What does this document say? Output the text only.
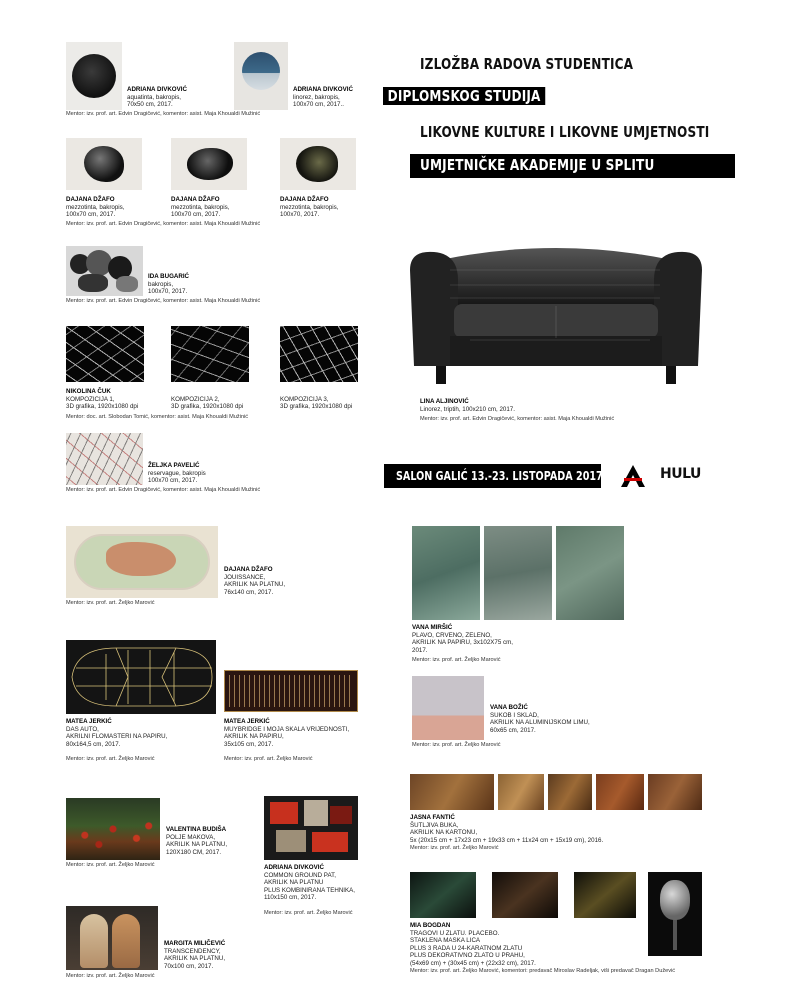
IZLOŽBA RADOVA STUDENTICA
DIPLOMSKOG STUDIJA
LIKOVNE KULTURE I LIKOVNE UMJETNOSTI
UMJETNIČKE AKADEMIJE U SPLITU
ADRIANA DIVKOVIĆ
aquatinta, bakropis,
70x50 cm, 2017.
ADRIANA DIVKOVIĆ
linorez, bakropis,
100x70 cm, 2017..
Mentor: izv. prof. art. Edvin Dragičević, komentor: asist. Maja Khoualdi Mužinić
DAJANA DŽAFO
mezzotinta, bakropis,
100x70 cm, 2017.
DAJANA DŽAFO
mezzotinta, bakropis,
100x70 cm, 2017.
DAJANA DŽAFO
mezzotinta, bakropis,
100x70, 2017.
Mentor: izv. prof. art. Edvin Dragičević, komentor: asist. Maja Khoualdi Mužinić
IDA BUGARIĆ
bakropis,
100x70, 2017.
Mentor: izv. prof. art. Edvin Dragičević, komentor: asist. Maja Khoualdi Mužinić
NIKOLINA ČUK
KOMPOZICIJA 1,
3D grafika, 1920x1080 dpi
KOMPOZICIJA 2,
3D grafika, 1920x1080 dpi
KOMPOZICIJA 3,
3D grafika, 1920x1080 dpi
Mentor: doc. art. Slobodan Tomić, komentor: asist. Maja Khoualdi Mužinić
ŽELJKA PAVELIĆ
reservague, bakropis
100x70 cm, 2017.
Mentor: izv. prof. art. Edvin Dragičević, komentor: asist. Maja Khoualdi Mužinić
LINA ALJINOVIĆ
Linorez, triptih, 100x210 cm, 2017.
Mentor: izv. prof. art. Edvin Dragičević, komentor: asist. Maja Khoualdi Mužinić
SALON GALIĆ 13.-23. LISTOPADA 2017.	HULU
DAJANA DŽAFO
JOUISSANCE,
AKRILIK NA PLATNU,
76x140 cm, 2017.
Mentor: izv. prof. art. Željko Marović
VANA MIRŠIĆ
PLAVO, CRVENO, ZELENO,
AKRILIK NA PAPIRU, 3x102X75 cm,
2017.
Mentor: izv. prof. art. Željko Marović
MATEA JERKIĆ
DAS AUTO,
AKRILNI FLOMASTERI NA PAPIRU,
80x164,5 cm, 2017.
MATEA JERKIĆ
MUYBRIDGE I MOJA SKALA VRIJEDNOSTI,
AKRILIK NA PAPIRU,
35x105 cm, 2017.
Mentor: izv. prof. art. Željko Marović	Mentor: izv. prof. art. Željko Marović
VANA BOŽIĆ
SUKOB I SKLAD,
AKRILIK NA ALUMINIJSKOM LIMU,
60x65 cm, 2017.
Mentor: izv. prof. art. Željko Marović
JASNA FANTIĆ
ŠUTLJIVA BUKA,
AKRILIK NA KARTONU,
5x (20x15 cm + 17x23 cm + 19x33 cm + 11x24 cm + 15x19 cm), 2016.
Mentor: izv. prof. art. Željko Marović
VALENTINA BUDIŠA
POLJE MAKOVA,
AKRILIK NA PLATNU,
120X180 CM, 2017.
Mentor: izv. prof. art. Željko Marović	ADRIANA DIVKOVIĆ
COMMON GROUND PAT,
AKRILIK NA PLATNU
PLUS KOMBINIRANA TEHNIKA,
110x150 cm, 2017.
Mentor: izv. prof. art. Željko Marović
MIA BOGDAN
TRAGOVI U ZLATU. PLACEBO.
STAKLENA MASKA LICA
PLUS 3 RADA U 24-KARATNOM ZLATU
PLUS DEKORATIVNO ZLATO U PRAHU,
(54x69 cm) + (30x45 cm) + (22x32 cm), 2017.
Mentor: izv. prof. art. Željko Marović, komentori: predavač Miroslav Radeljak, viši predavač Dragan Dužević
MARGITA MILIČEVIĆ
TRANSCENDENCY,
AKRILIK NA PLATNU,
70x100 cm, 2017.
Mentor: izv. prof. art. Željko Marović
